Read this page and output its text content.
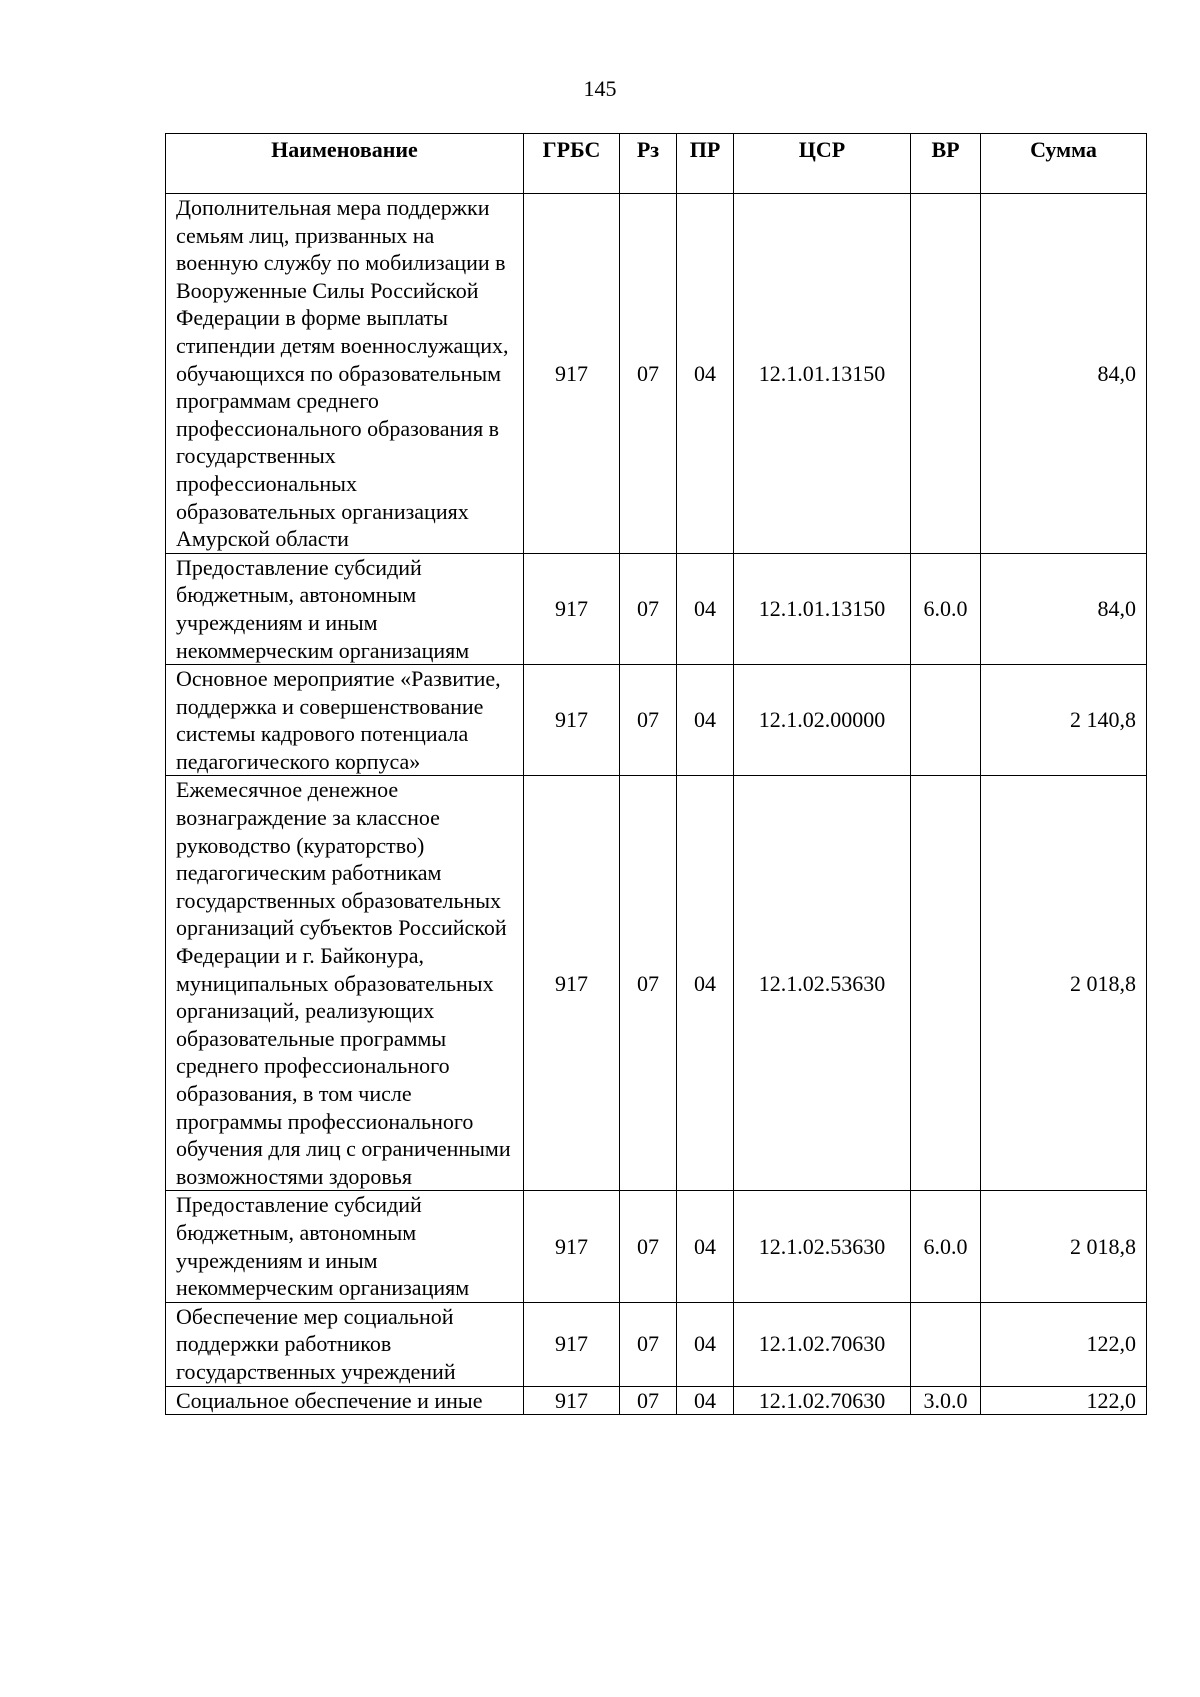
145
Наименование	ГРБС	Рз	ПР	ЦСР	ВР	Сумма
Дополнительная мера поддержки семьям лиц, призванных на военную службу по мобилизации в Вооруженные Силы Российской Федерации в форме выплаты стипендии детям военнослужащих, обучающихся по образовательным программам среднего профессионального образования в государственных профессиональных образовательных организациях Амурской области	917	07	04	12.1.01.13150		84,0
Предоставление субсидий бюджетным, автономным учреждениям и иным некоммерческим организациям	917	07	04	12.1.01.13150	6.0.0	84,0
Основное мероприятие «Развитие, поддержка и совершенствование системы кадрового потенциала педагогического корпуса»	917	07	04	12.1.02.00000		2 140,8
Ежемесячное денежное вознаграждение за классное руководство (кураторство) педагогическим работникам государственных образовательных организаций субъектов Российской Федерации и г. Байконура, муниципальных образовательных организаций, реализующих образовательные программы среднего профессионального образования, в том числе программы профессионального обучения для лиц с ограниченными возможностями здоровья	917	07	04	12.1.02.53630		2 018,8
Предоставление субсидий бюджетным, автономным учреждениям и иным некоммерческим организациям	917	07	04	12.1.02.53630	6.0.0	2 018,8
Обеспечение мер социальной поддержки работников государственных учреждений	917	07	04	12.1.02.70630		122,0
Социальное обеспечение и иные	917	07	04	12.1.02.70630	3.0.0	122,0
